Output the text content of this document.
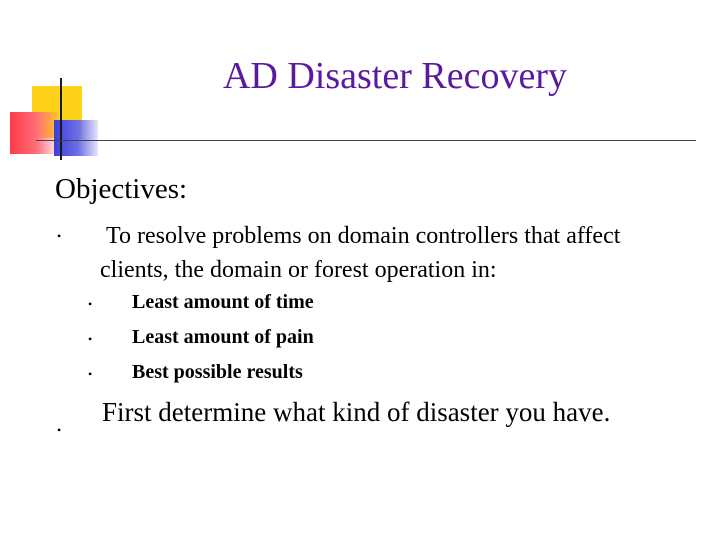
AD Disaster Recovery
Objectives:
• To resolve problems on domain controllers that affect
clients, the domain or forest operation in:
•
•
•
Least amount of time
Least amount of pain
Best possible results
•
First determine what kind of disaster you have.
